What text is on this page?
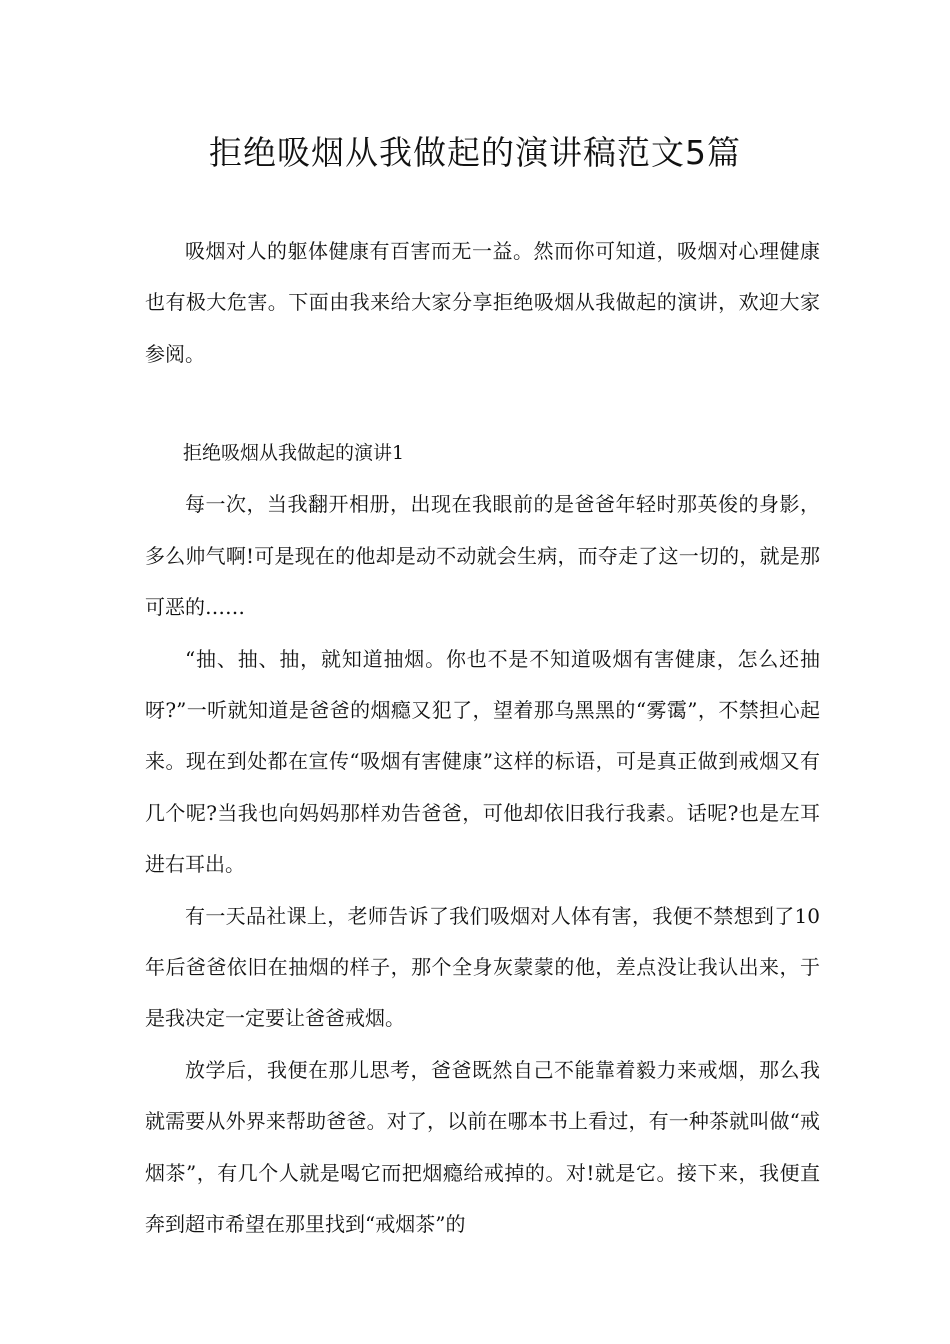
拒绝吸烟从我做起的演讲稿范文5篇

吸烟对人的躯体健康有百害而无一益。然而你可知道，吸烟对心理健康也有极大危害。下面由我来给大家分享拒绝吸烟从我做起的演讲，欢迎大家参阅。

拒绝吸烟从我做起的演讲1

每一次，当我翻开相册，出现在我眼前的是爸爸年轻时那英俊的身影，多么帅气啊!可是现在的他却是动不动就会生病，而夺走了这一切的，就是那可恶的……

“抽、抽、抽，就知道抽烟。你也不是不知道吸烟有害健康，怎么还抽呀?”一听就知道是爸爸的烟瘾又犯了，望着那乌黑黑的“雾霭”，不禁担心起来。现在到处都在宣传“吸烟有害健康”这样的标语，可是真正做到戒烟又有几个呢?当我也向妈妈那样劝告爸爸，可他却依旧我行我素。话呢?也是左耳进右耳出。

有一天品社课上，老师告诉了我们吸烟对人体有害，我便不禁想到了10年后爸爸依旧在抽烟的样子，那个全身灰蒙蒙的他，差点没让我认出来，于是我决定一定要让爸爸戒烟。

放学后，我便在那儿思考，爸爸既然自己不能靠着毅力来戒烟，那么我就需要从外界来帮助爸爸。对了，以前在哪本书上看过，有一种茶就叫做“戒烟茶”，有几个人就是喝它而把烟瘾给戒掉的。对!就是它。接下来，我便直奔到超市希望在那里找到“戒烟茶”的
